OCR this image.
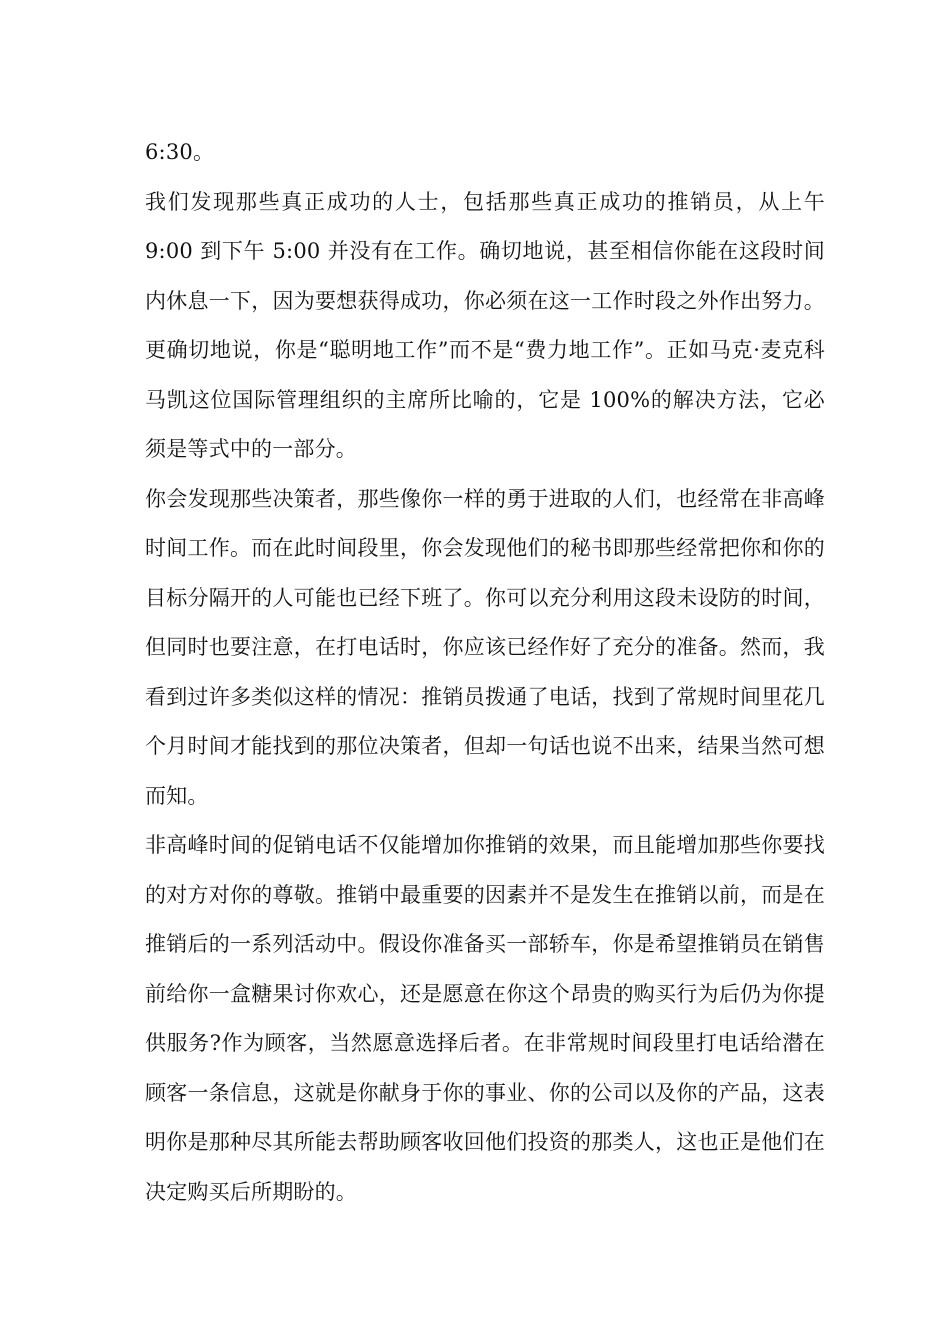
6:30。

我们发现那些真正成功的人士，包括那些真正成功的推销员，从上午 9:00 到下午 5:00 并没有在工作。确切地说，甚至相信你能在这段时间内休息一下，因为要想获得成功，你必须在这一工作时段之外作出努力。更确切地说，你是“聪明地工作”而不是“费力地工作”。正如马克·麦克科马凯这位国际管理组织的主席所比喻的，它是 100%的解决方法，它必须是等式中的一部分。

你会发现那些决策者，那些像你一样的勇于进取的人们，也经常在非高峰时间工作。而在此时间段里，你会发现他们的秘书即那些经常把你和你的目标分隔开的人可能也已经下班了。你可以充分利用这段未设防的时间，但同时也要注意，在打电话时，你应该已经作好了充分的准备。然而，我看到过许多类似这样的情况：推销员拨通了电话，找到了常规时间里花几个月时间才能找到的那位决策者，但却一句话也说不出来，结果当然可想而知。

非高峰时间的促销电话不仅能增加你推销的效果，而且能增加那些你要找的对方对你的尊敬。推销中最重要的因素并不是发生在推销以前，而是在推销后的一系列活动中。假设你准备买一部轿车，你是希望推销员在销售前给你一盒糖果讨你欢心，还是愿意在你这个昂贵的购买行为后仍为你提供服务?作为顾客，当然愿意选择后者。在非常规时间段里打电话给潜在顾客一条信息，这就是你献身于你的事业、你的公司以及你的产品，这表明你是那种尽其所能去帮助顾客收回他们投资的那类人，这也正是他们在决定购买后所期盼的。
